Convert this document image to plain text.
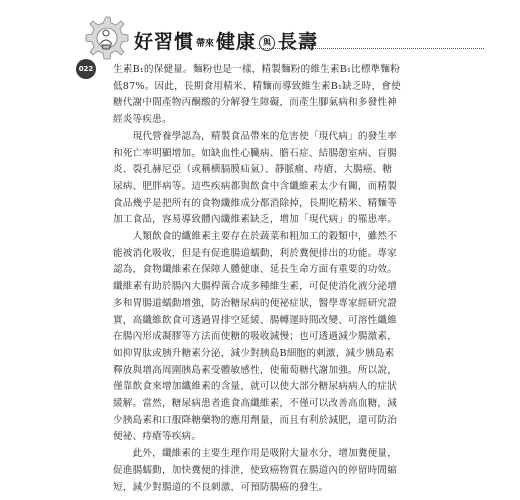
好習慣 帶來 健康 與 長壽
022 生素B₁的保健量。麵粉也是一樣，精製麵粉的維生素B₁比標準麵粉

低87%。因此，長期食用精米、精麵而導致維生素B₁缺乏時，會使

糖代謝中間產物丙酮酸的分解發生障礙，而產生腳氣病和多發性神

經炎等疾患。

　　現代營養學認為，精製食品帶來的危害使「現代病」的發生率

和死亡率明顯增加。如缺血性心臟病、膽石症、結腸憩室病、盲腸

炎、裂孔赫尼亞（或稱横膈膜疝氣）、靜脈瘤、痔瘡、大腸癌、糖

尿病、肥胖病等。這些疾病都與飲食中含纖維素太少有關，而精製

食品幾乎是把所有的食物纖維成分都消除掉，長期吃精米、精麵等

加工食品，容易導致體內纖維素缺乏，增加「現代病」的罹患率。

　　人類飲食的纖維素主要存在於蔬菜和粗加工的穀類中，雖然不

能被消化吸收，但是有促進腸道蠕動，利於糞便排出的功能。專家

認為，食物纖維素在保障人體健康、延長生命方面有重要的功效。

纖維素有助於腸內大腸桿菌合成多種維生素，可促使消化液分泌增

多和胃腸道蠕動增強，防治糖尿病的便祕症狀，醫學專家經研究證

實，高纖維飲食可透過胃排空延緩、腸轉運時間改變、可溶性纖維

在腸內形成凝膠等方法而使糖的吸收減慢；也可透過減少腸激素，

如抑胃肽或胰升糖素分泌，減少對胰島B細胞的刺激，減少胰島素

釋放與增高周圍胰島素受體敏感性，使葡萄糖代謝加強。所以說，

僅靠飲食來增加纖維素的含量，就可以使大部分糖尿病病人的症狀

緩解。當然，糖尿病患者進食高纖維素，不僅可以改善高血糖，減

少胰島素和口服降糖藥物的應用劑量，而且有利於減肥，還可防治

便祕、痔瘡等疾病。

　　此外，纖維素的主要生理作用是吸附大量水分，增加糞便量，

促進腸蠕動，加快糞便的排泄，使致癌物質在腸道內的停留時間縮

短，減少對腸道的不良刺激，可預防腸癌的發生。
